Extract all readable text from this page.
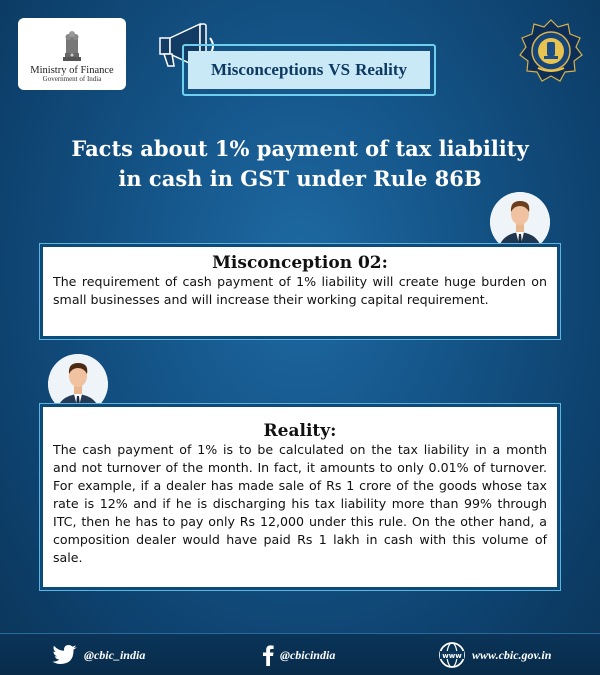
Ministry of Finance
Government of India
Misconceptions VS Reality
Facts about 1% payment of tax liability
in cash in GST under Rule 86B
Misconception 02:
The requirement of cash payment of 1% liability will create huge burden on small businesses and will increase their working capital requirement.
Reality:
The cash payment of 1% is to be calculated on the tax liability in a month and not turnover of the month. In fact, it amounts to only 0.01% of turnover. For example, if a dealer has made sale of Rs 1 crore of the goods whose tax rate is 12% and if he is discharging his tax liability more than 99% through ITC, then he has to pay only Rs 12,000 under this rule. On the other hand, a composition dealer would have paid Rs 1 lakh in cash with this volume of sale.
@cbic_india	@cbicindia	www www.cbic.gov.in
